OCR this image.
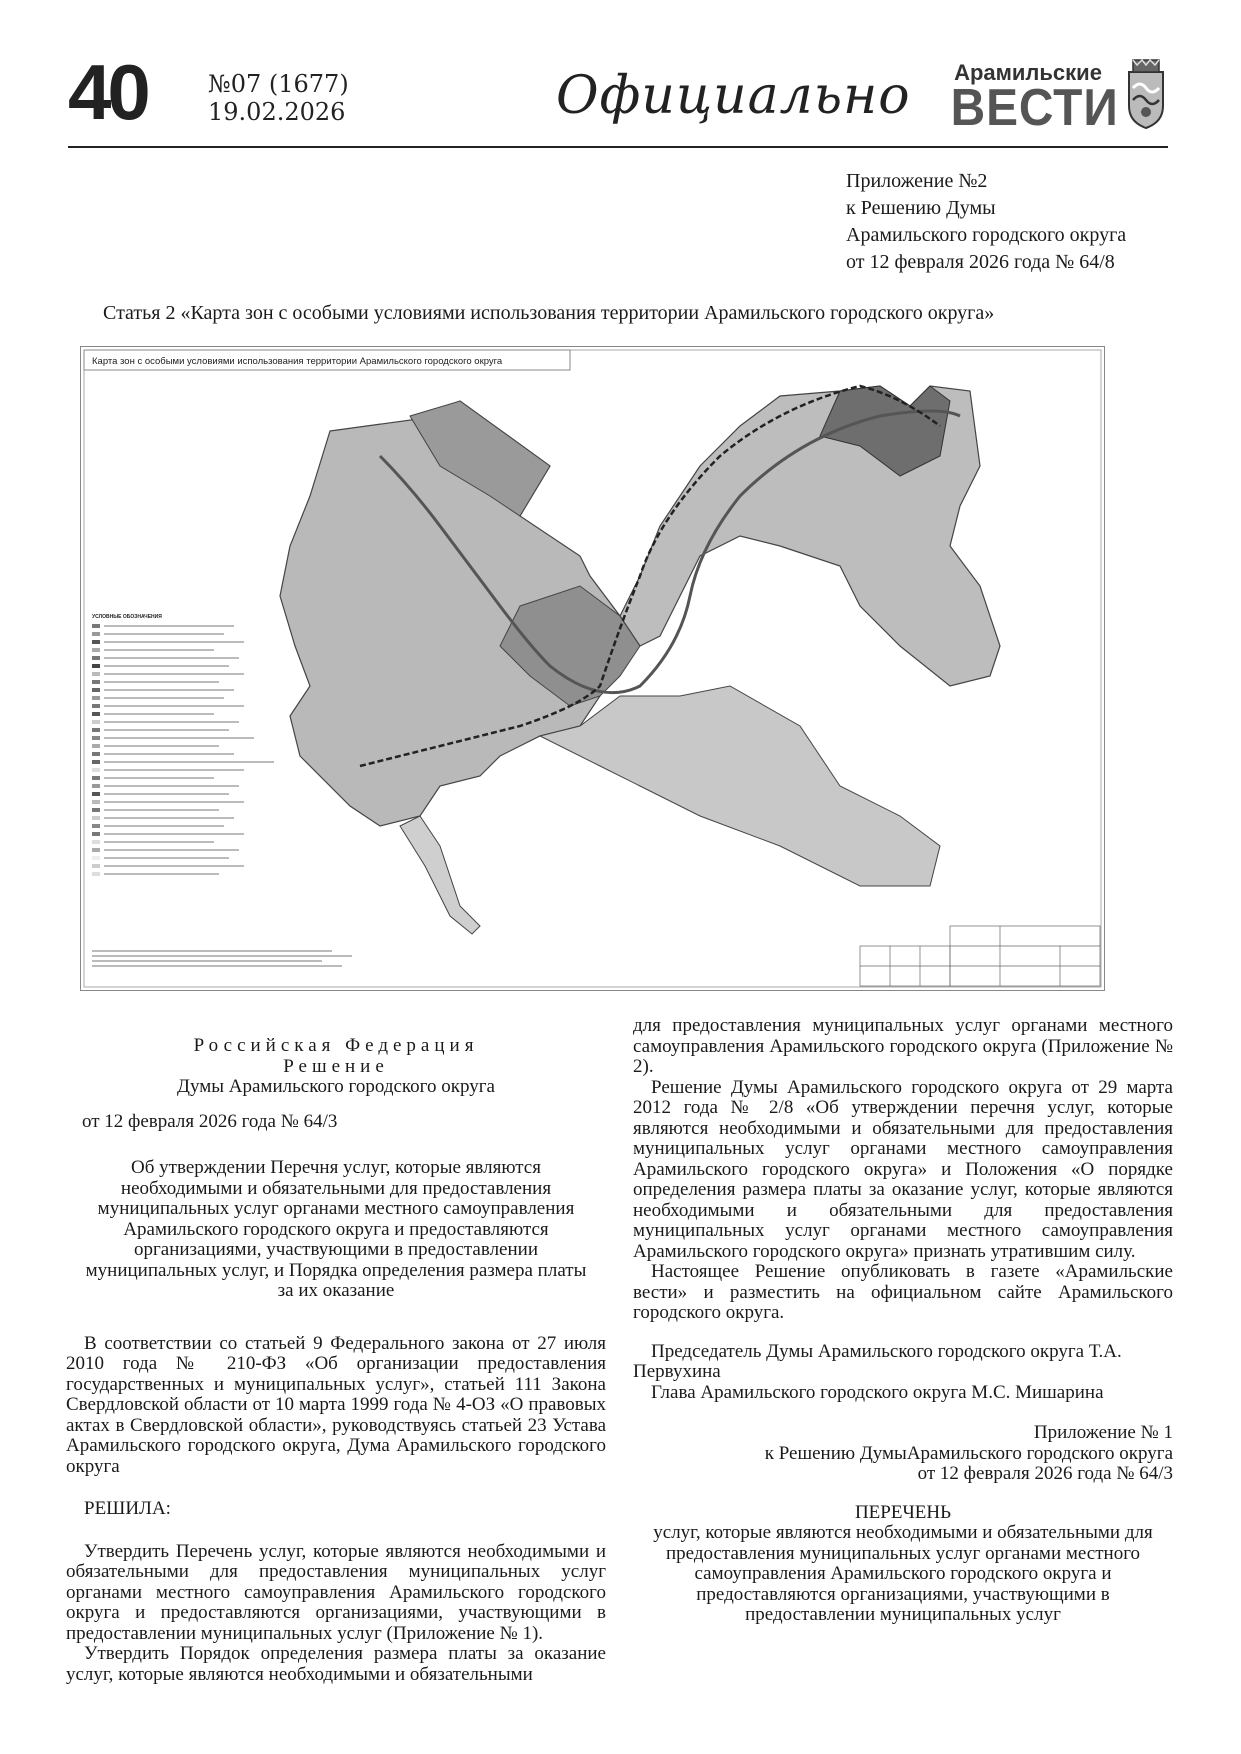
40	№07 (1677)
19.02.2026	Официально Арамильские
ВЕСТИ
Приложение №2
к Решению Думы
Арамильского городского округа
от 12 февраля 2026 года № 64/8
Статья 2 «Карта зон с особыми условиями использования территории Арамильского городского округа»
Карта зон с особыми условиями использования территории Арамильского городского округа
УСЛОВНЫЕ ОБОЗНАЧЕНИЯ
Российская Федерация
Решение
Думы Арамильского городского округа
от 12 февраля 2026 года № 64/3
Об утверждении Перечня услуг, которые являются необходимыми и обязательными для предоставления муниципальных услуг органами местного самоуправления Арамильского городского округа и предоставляются организациями, участвующими в предоставлении муниципальных услуг, и Порядка определения размера платы за их оказание

В соответствии со статьей 9 Федерального закона от 27 июля 2010 года № 210-ФЗ «Об организации предоставления государственных и муниципальных услуг», статьей 111 Закона Свердловской области от 10 марта 1999 года № 4-ОЗ «О правовых актах в Свердловской области», руководствуясь статьей 23 Устава Арамильского городского округа, Дума Арамильского городского округа

РЕШИЛА:

Утвердить Перечень услуг, которые являются необходимыми и обязательными для предоставления муниципальных услуг органами местного самоуправления Арамильского городского округа и предоставляются организациями, участвующими в предоставлении муниципальных услуг (Приложение № 1).

Утвердить Порядок определения размера платы за оказание услуг, которые являются необходимыми и обязательными

для предоставления муниципальных услуг органами местного самоуправления Арамильского городского округа (Приложение № 2).

Решение Думы Арамильского городского округа от 29 марта 2012 года № 2/8 «Об утверждении перечня услуг, которые являются необходимыми и обязательными для предоставления муниципальных услуг органами местного самоуправления Арамильского городского округа» и Положения «О порядке определения размера платы за оказание услуг, которые являются необходимыми и обязательными для предоставления муниципальных услуг органами местного самоуправления Арамильского городского округа» признать утратившим силу.

Настоящее Решение опубликовать в газете «Арамильские вести» и разместить на официальном сайте Арамильского городского округа.

Председатель Думы Арамильского городского округа Т.А. Первухина

Глава Арамильского городского округа М.С. Мишарина

Приложение № 1
к Решению ДумыАрамильского городского округа
от 12 февраля 2026 года № 64/3
ПЕРЕЧЕНЬ
услуг, которые являются необходимыми и обязательными для предоставления муниципальных услуг органами местного самоуправления Арамильского городского округа и предоставляются организациями, участвующими в предоставлении муниципальных услуг
